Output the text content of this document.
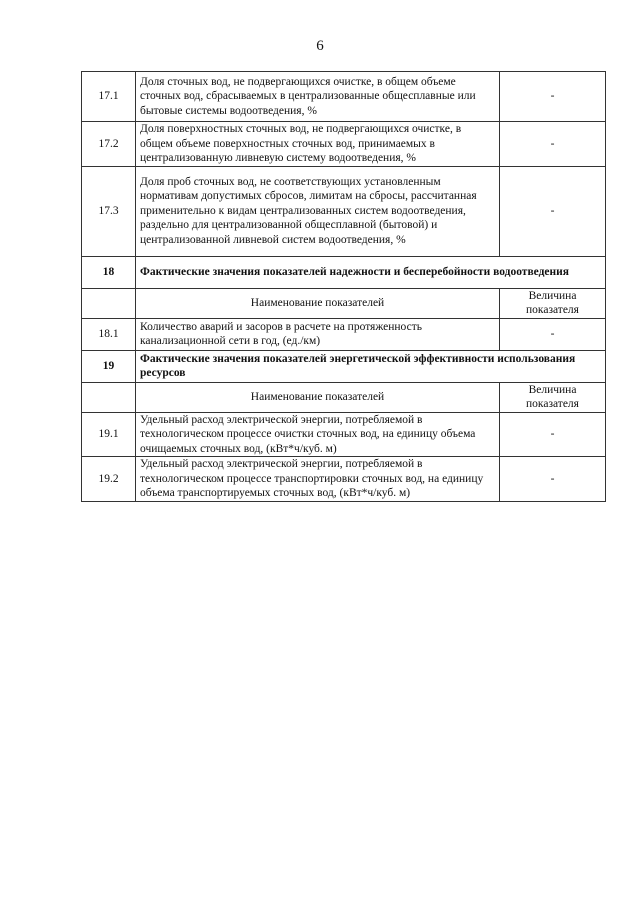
6
17.1	Доля сточных вод, не подвергающихся очистке, в общем объеме сточных вод, сбрасываемых в централизованные общесплавные или бытовые системы водоотведения, %	-
17.2	Доля поверхностных сточных вод, не подвергающихся очистке, в общем объеме поверхностных сточных вод, принимаемых в централизованную ливневую систему водоотведения, %	-
17.3	Доля проб сточных вод, не соответствующих установленным нормативам допустимых сбросов, лимитам на сбросы, рассчитанная применительно к видам централизованных систем водоотведения, раздельно для централизованной общесплавной (бытовой) и централизованной ливневой систем водоотведения, %	-
18	Фактические значения показателей надежности и бесперебойности водоотведения	
	Наименование показателей	Величина показателя
18.1	Количество аварий и засоров в расчете на протяженность канализационной сети в год, (ед./км)	-
19	Фактические значения показателей энергетической эффективности использования ресурсов	
	Наименование показателей	Величина показателя
19.1	Удельный расход электрической энергии, потребляемой в технологическом процессе очистки сточных вод, на единицу объема очищаемых сточных вод, (кВт*ч/куб. м)	-
19.2	Удельный расход электрической энергии, потребляемой в технологическом процессе транспортировки сточных вод, на единицу объема транспортируемых сточных вод, (кВт*ч/куб. м)	-
